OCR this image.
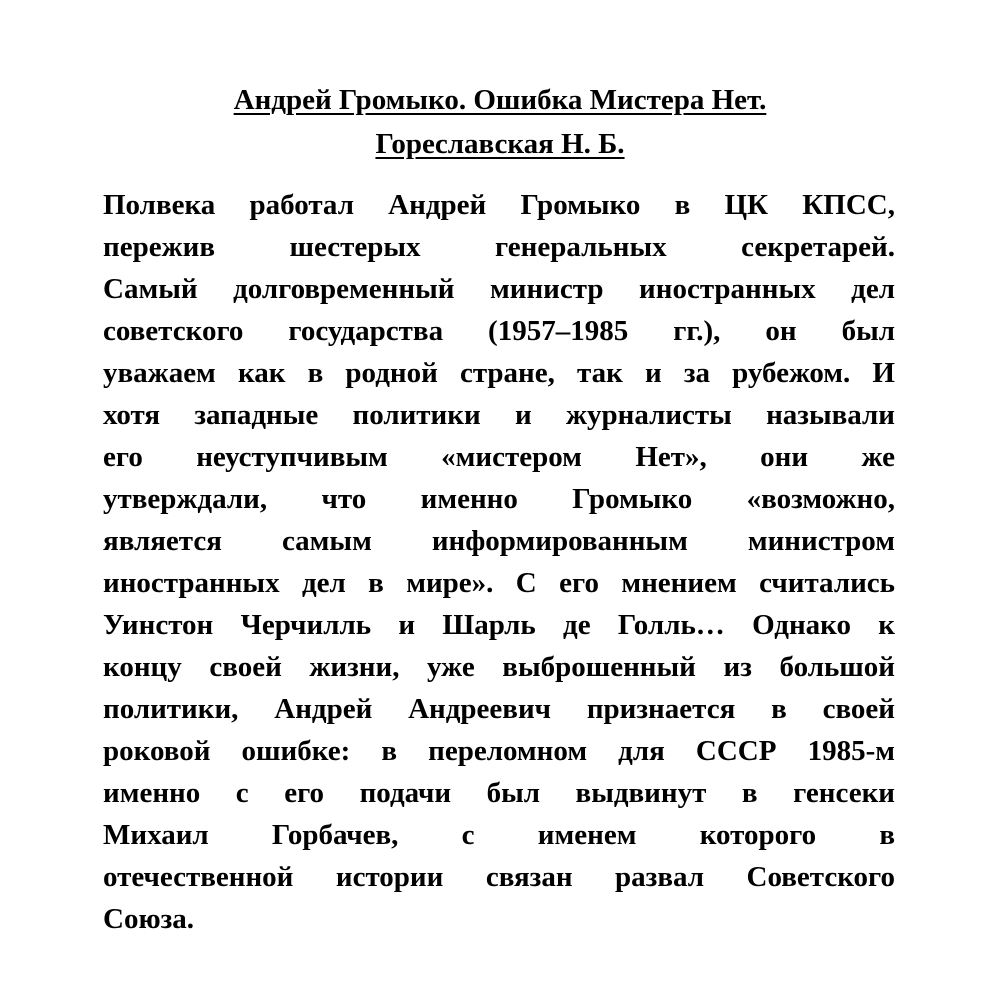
Андрей Громыко. Ошибка Мистера Нет.
Горeславская Н. Б.
Полвека работал Андрей Громыко в ЦК КПСС,
пережив шестерых генеральных секретарей.
Самый долговременный министр иностранных дел
советского государства (1957–1985 гг.), он был
уважаем как в родной стране, так и за рубежом. И
хотя западные политики и журналисты называли
его неуступчивым «мистером Нет», они же
утверждали, что именно Громыко «возможно,
является самым информированным министром
иностранных дел в мире». С его мнением считались
Уинстон Черчилль и Шарль де Голль… Однако к
концу своей жизни, уже выброшенный из большой
политики, Андрей Андреевич признается в своей
роковой ошибке: в переломном для СССР 1985-м
именно с его подачи был выдвинут в генсеки
Михаил Горбачев, с именем которого в
отечественной истории связан развал Советского
Союза.
